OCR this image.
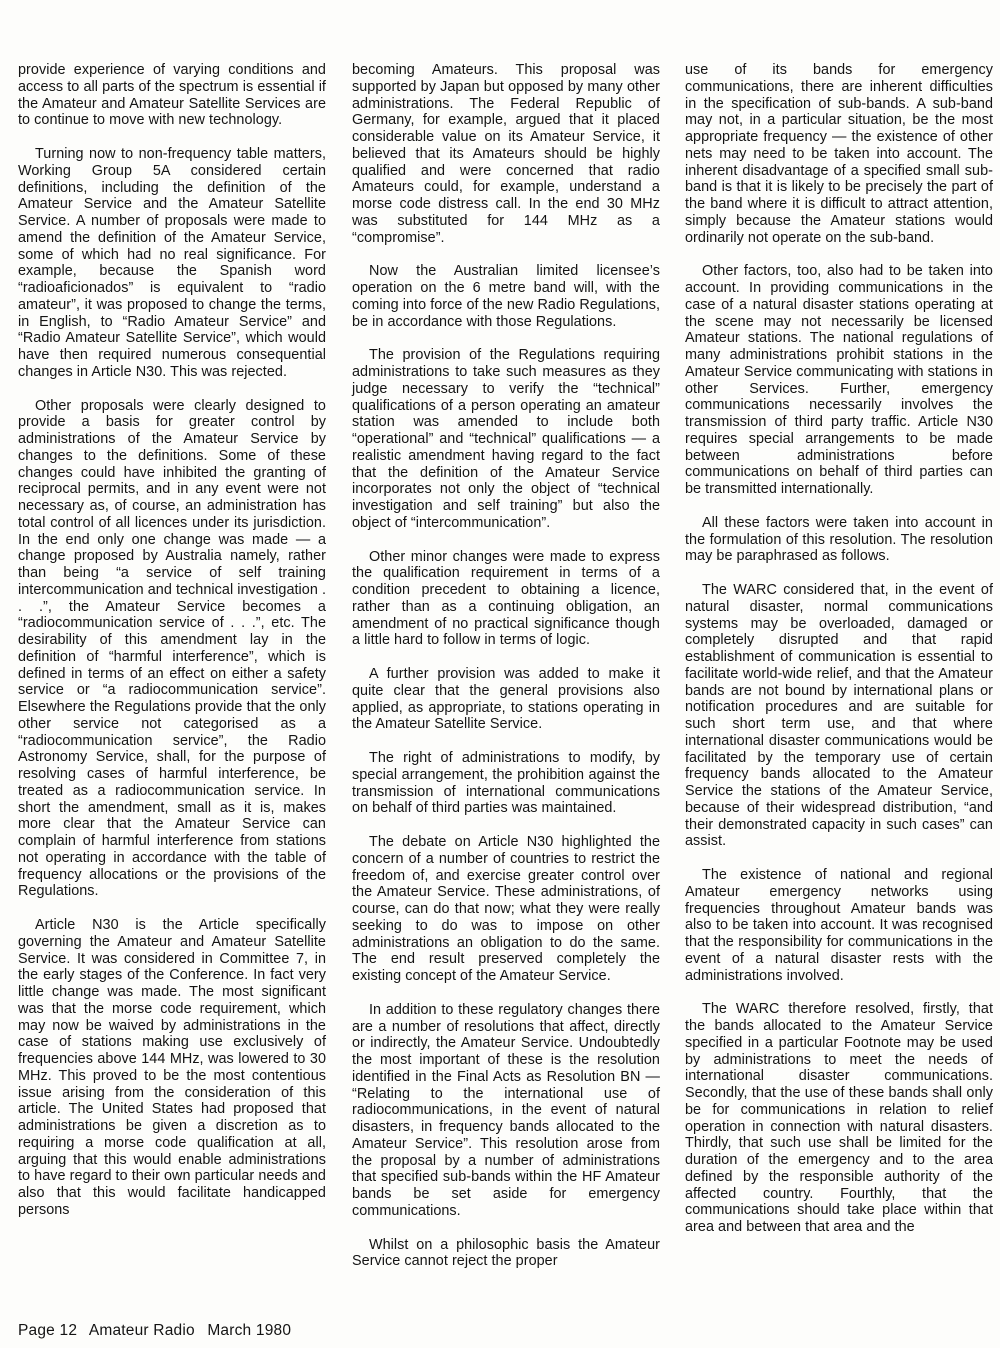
provide experience of varying conditions and access to all parts of the spectrum is essential if the Amateur and Amateur Satellite Services are to continue to move with new technology.

Turning now to non-frequency table matters, Working Group 5A considered certain definitions, including the definition of the Amateur Service and the Amateur Satellite Service. A number of proposals were made to amend the definition of the Amateur Service, some of which had no real significance. For example, because the Spanish word “radioaficionados” is equivalent to “radio amateur”, it was proposed to change the terms, in English, to “Radio Amateur Service” and “Radio Amateur Satellite Service”, which would have then required numerous consequential changes in Article N30. This was rejected.

Other proposals were clearly designed to provide a basis for greater control by administrations of the Amateur Service by changes to the definitions. Some of these changes could have inhibited the granting of reciprocal permits, and in any event were not necessary as, of course, an administration has total control of all licences under its jurisdiction. In the end only one change was made — a change proposed by Australia namely, rather than being “a service of self training intercommunication and technical investigation . . .”, the Amateur Service becomes a “radiocommunication service of . . .”, etc. The desirability of this amendment lay in the definition of “harmful interference”, which is defined in terms of an effect on either a safety service or “a radiocommunication service”. Elsewhere the Regulations provide that the only other service not categorised as a “radiocommunication service”, the Radio Astronomy Service, shall, for the purpose of resolving cases of harmful interference, be treated as a radiocommunication service. In short the amendment, small as it is, makes more clear that the Amateur Service can complain of harmful interference from stations not operating in accordance with the table of frequency allocations or the provisions of the Regulations.

Article N30 is the Article specifically governing the Amateur and Amateur Satellite Service. It was considered in Committee 7, in the early stages of the Conference. In fact very little change was made. The most significant was that the morse code requirement, which may now be waived by administrations in the case of stations making use exclusively of frequencies above 144 MHz, was lowered to 30 MHz. This proved to be the most contentious issue arising from the consideration of this article. The United States had proposed that administrations be given a discretion as to requiring a morse code qualification at all, arguing that this would enable administrations to have regard to their own particular needs and also that this would facilitate handicapped persons

becoming Amateurs. This proposal was supported by Japan but opposed by many other administrations. The Federal Republic of Germany, for example, argued that it placed considerable value on its Amateur Service, it believed that its Amateurs should be highly qualified and were concerned that radio Amateurs could, for example, understand a morse code distress call. In the end 30 MHz was substituted for 144 MHz as a “compromise”.

Now the Australian limited licensee’s operation on the 6 metre band will, with the coming into force of the new Radio Regulations, be in accordance with those Regulations.

The provision of the Regulations requiring administrations to take such measures as they judge necessary to verify the “technical” qualifications of a person operating an amateur station was amended to include both “operational” and “technical” qualifications — a realistic amendment having regard to the fact that the definition of the Amateur Service incorporates not only the object of “technical investigation and self training” but also the object of “intercommunication”.

Other minor changes were made to express the qualification requirement in terms of a condition precedent to obtaining a licence, rather than as a continuing obligation, an amendment of no practical significance though a little hard to follow in terms of logic.

A further provision was added to make it quite clear that the general provisions also applied, as appropriate, to stations operating in the Amateur Satellite Service.

The right of administrations to modify, by special arrangement, the prohibition against the transmission of international communications on behalf of third parties was maintained.

The debate on Article N30 highlighted the concern of a number of countries to restrict the freedom of, and exercise greater control over the Amateur Service. These administrations, of course, can do that now; what they were really seeking to do was to impose on other administrations an obligation to do the same. The end result preserved completely the existing concept of the Amateur Service.

In addition to these regulatory changes there are a number of resolutions that affect, directly or indirectly, the Amateur Service. Undoubtedly the most important of these is the resolution identified in the Final Acts as Resolution BN — “Relating to the international use of radiocommunications, in the event of natural disasters, in frequency bands allocated to the Amateur Service”. This resolution arose from the proposal by a number of administrations that specified sub-bands within the HF Amateur bands be set aside for emergency communications.

Whilst on a philosophic basis the Amateur Service cannot reject the proper

use of its bands for emergency communications, there are inherent difficulties in the specification of sub-bands. A sub-band may not, in a particular situation, be the most appropriate frequency — the existence of other nets may need to be taken into account. The inherent disadvantage of a specified small sub-band is that it is likely to be precisely the part of the band where it is difficult to attract attention, simply because the Amateur stations would ordinarily not operate on the sub-band.

Other factors, too, also had to be taken into account. In providing communications in the case of a natural disaster stations operating at the scene may not necessarily be licensed Amateur stations. The national regulations of many administrations prohibit stations in the Amateur Service communicating with stations in other Services. Further, emergency communications necessarily involves the transmission of third party traffic. Article N30 requires special arrangements to be made between administrations before communications on behalf of third parties can be transmitted internationally.

All these factors were taken into account in the formulation of this resolution. The resolution may be paraphrased as follows.

The WARC considered that, in the event of natural disaster, normal communications systems may be overloaded, damaged or completely disrupted and that rapid establishment of communication is essential to facilitate world-wide relief, and that the Amateur bands are not bound by international plans or notification procedures and are suitable for such short term use, and that where international disaster communications would be facilitated by the temporary use of certain frequency bands allocated to the Amateur Service the stations of the Amateur Service, because of their widespread distribution, “and their demonstrated capacity in such cases” can assist.

The existence of national and regional Amateur emergency networks using frequencies throughout Amateur bands was also to be taken into account. It was recognised that the responsibility for communications in the event of a natural disaster rests with the administrations involved.

The WARC therefore resolved, firstly, that the bands allocated to the Amateur Service specified in a particular Footnote may be used by administrations to meet the needs of international disaster communications. Secondly, that the use of these bands shall only be for communications in relation to relief operation in connection with natural disasters. Thirdly, that such use shall be limited for the duration of the emergency and to the area defined by the responsible authority of the affected country. Fourthly, that the communications should take place within that area and between that area and the

Page 12 Amateur Radio March 1980
